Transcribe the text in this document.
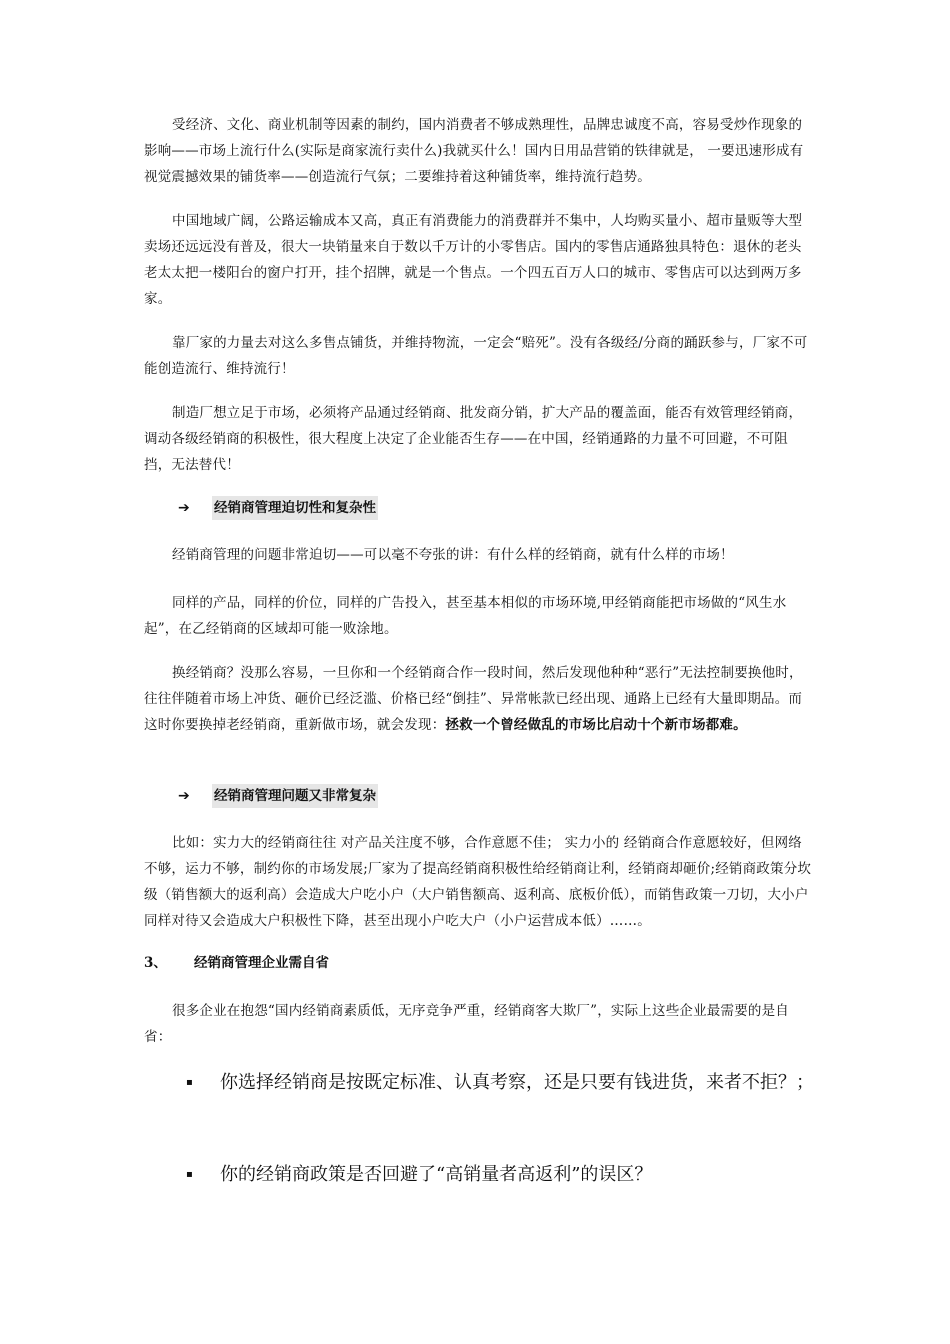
受经济、文化、商业机制等因素的制约，国内消费者不够成熟理性，品牌忠诚度不高，容易受炒作现象的影响——市场上流行什么(实际是商家流行卖什么)我就买什么！国内日用品营销的铁律就是， 一要迅速形成有视觉震撼效果的铺货率——创造流行气氛；二要维持着这种铺货率，维持流行趋势。

中国地域广阔，公路运输成本又高，真正有消费能力的消费群并不集中，人均购买量小、超市量贩等大型卖场还远远没有普及，很大一块销量来自于数以千万计的小零售店。国内的零售店通路独具特色：退休的老头老太太把一楼阳台的窗户打开，挂个招牌，就是一个售点。一个四五百万人口的城市、零售店可以达到两万多家。

靠厂家的力量去对这么多售点铺货，并维持物流，一定会“赔死”。没有各级经/分商的踊跃参与，厂家不可能创造流行、维持流行！

制造厂想立足于市场，必须将产品通过经销商、批发商分销，扩大产品的覆盖面，能否有效管理经销商，调动各级经销商的积极性，很大程度上决定了企业能否生存——在中国，经销通路的力量不可回避，不可阻挡，无法替代！

➔	经销商管理迫切性和复杂性

经销商管理的问题非常迫切——可以毫不夸张的讲：有什么样的经销商，就有什么样的市场！

同样的产品，同样的价位，同样的广告投入，甚至基本相似的市场环境,甲经销商能把市场做的“风生水起”，在乙经销商的区域却可能一败涂地。

换经销商？没那么容易，一旦你和一个经销商合作一段时间，然后发现他种种“恶行”无法控制要换他时，往往伴随着市场上冲货、砸价已经泛滥、价格已经“倒挂”、异常帐款已经出现、通路上已经有大量即期品。而这时你要换掉老经销商，重新做市场，就会发现：拯救一个曾经做乱的市场比启动十个新市场都难。

➔	经销商管理问题又非常复杂

比如：实力大的经销商往往 对产品关注度不够，合作意愿不佳； 实力小的 经销商合作意愿较好，但网络不够，运力不够，制约你的市场发展;厂家为了提高经销商积极性给经销商让利，经销商却砸价;经销商政策分坎级（销售额大的返利高）会造成大户吃小户（大户销售额高、返利高、底板价低），而销售政策一刀切，大小户同样对待又会造成大户积极性下降，甚至出现小户吃大户（小户运营成本低）……。

3、	经销商管理企业需自省

很多企业在抱怨“国内经销商素质低，无序竞争严重，经销商客大欺厂”，实际上这些企业最需要的是自省：

▪	你选择经销商是按既定标准、认真考察，还是只要有钱进货，来者不拒？；
▪	你的经销商政策是否回避了“高销量者高返利”的误区？
